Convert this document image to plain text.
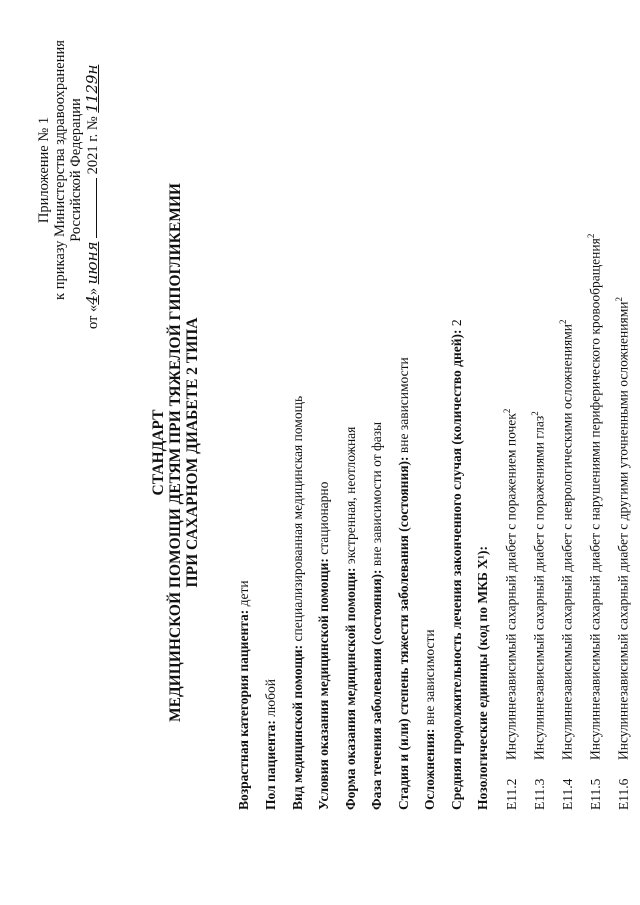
Приложение № 1 к приказу Министерства здравоохранения Российской Федерации
от «4» июня  2021 г. № 1129н
СТАНДАРТ МЕДИЦИНСКОЙ ПОМОЩИ ДЕТЯМ ПРИ ТЯЖЕЛОЙ ГИПОГЛИКЕМИИ ПРИ САХАРНОМ ДИАБЕТЕ 2 ТИПА
Возрастная категория пациента: дети
Пол пациента: любой Вид медицинской помощи: специализированная медицинская помощь
Условия оказания медицинской помощи: стационарно
Форма оказания медицинской помощи: экстренная, неотложная
Фаза течения заболевания (состояния): вне зависимости от фазы Стадия и (или) степень тяжести заболевания (состояния): вне зависимости
Осложнения: вне зависимости Средняя продолжительность лечения законченного случая (количество дней): 2
Нозологические единицы (код по МКБ X¹): E11.2Инсулиннезависимый сахарный диабет с поражением почек$^2$
E11.3Инсулиннезависимый сахарный диабет с поражениями глаз$^2$
E11.4Инсулиннезависимый сахарный диабет с неврологическими осложнениями$^2$
E11.5Инсулиннезависимый сахарный диабет с нарушениями периферического кровообращения$^2$
E11.6Инсулиннезависимый сахарный диабет с другими уточненными осложнениями$^2$
